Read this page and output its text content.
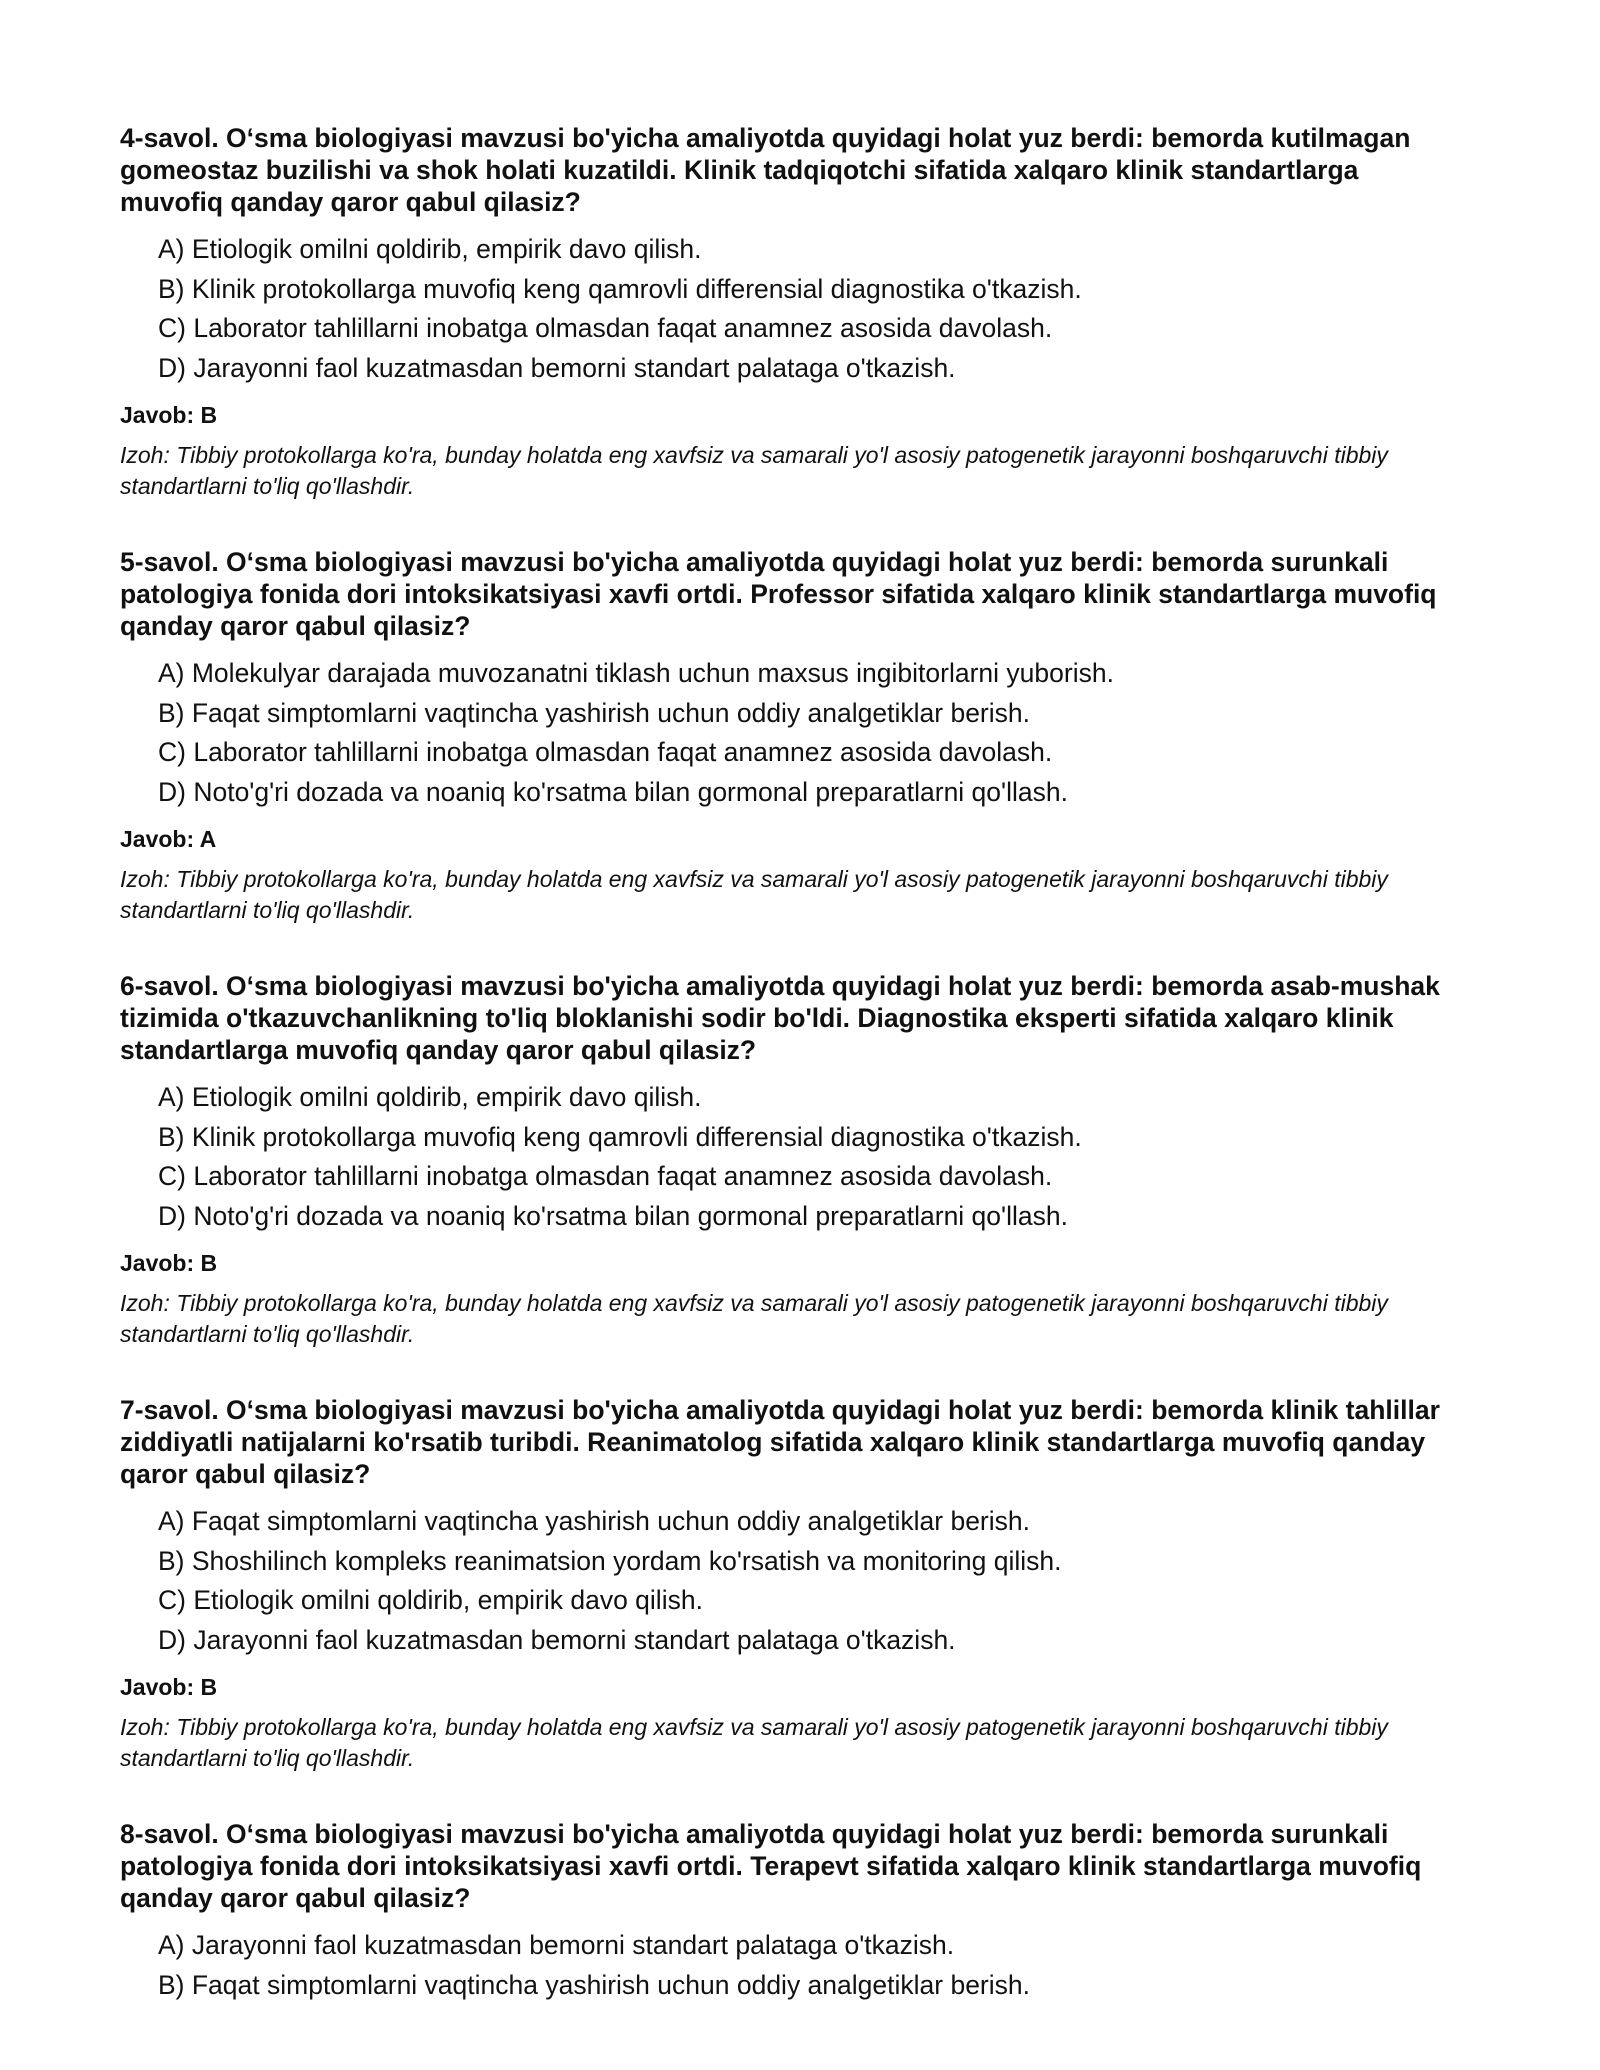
4-savol. O‘sma biologiyasi mavzusi bo'yicha amaliyotda quyidagi holat yuz berdi: bemorda kutilmagan gomeostaz buzilishi va shok holati kuzatildi. Klinik tadqiqotchi sifatida xalqaro klinik standartlarga muvofiq qanday qaror qabul qilasiz?

A) Etiologik omilni qoldirib, empirik davo qilish.
B) Klinik protokollarga muvofiq keng qamrovli differensial diagnostika o'tkazish.
C) Laborator tahlillarni inobatga olmasdan faqat anamnez asosida davolash.
D) Jarayonni faol kuzatmasdan bemorni standart palataga o'tkazish.
Javob: B
Izoh: Tibbiy protokollarga ko'ra, bunday holatda eng xavfsiz va samarali yo'l asosiy patogenetik jarayonni boshqaruvchi tibbiy standartlarni to'liq qo'llashdir.

5-savol. O‘sma biologiyasi mavzusi bo'yicha amaliyotda quyidagi holat yuz berdi: bemorda surunkali patologiya fonida dori intoksikatsiyasi xavfi ortdi. Professor sifatida xalqaro klinik standartlarga muvofiq qanday qaror qabul qilasiz?

A) Molekulyar darajada muvozanatni tiklash uchun maxsus ingibitorlarni yuborish.
B) Faqat simptomlarni vaqtincha yashirish uchun oddiy analgetiklar berish.
C) Laborator tahlillarni inobatga olmasdan faqat anamnez asosida davolash.
D) Noto'g'ri dozada va noaniq ko'rsatma bilan gormonal preparatlarni qo'llash.
Javob: A
Izoh: Tibbiy protokollarga ko'ra, bunday holatda eng xavfsiz va samarali yo'l asosiy patogenetik jarayonni boshqaruvchi tibbiy standartlarni to'liq qo'llashdir.

6-savol. O‘sma biologiyasi mavzusi bo'yicha amaliyotda quyidagi holat yuz berdi: bemorda asab-mushak tizimida o'tkazuvchanlikning to'liq bloklanishi sodir bo'ldi. Diagnostika eksperti sifatida xalqaro klinik standartlarga muvofiq qanday qaror qabul qilasiz?

A) Etiologik omilni qoldirib, empirik davo qilish.
B) Klinik protokollarga muvofiq keng qamrovli differensial diagnostika o'tkazish.
C) Laborator tahlillarni inobatga olmasdan faqat anamnez asosida davolash.
D) Noto'g'ri dozada va noaniq ko'rsatma bilan gormonal preparatlarni qo'llash.
Javob: B
Izoh: Tibbiy protokollarga ko'ra, bunday holatda eng xavfsiz va samarali yo'l asosiy patogenetik jarayonni boshqaruvchi tibbiy standartlarni to'liq qo'llashdir.

7-savol. O‘sma biologiyasi mavzusi bo'yicha amaliyotda quyidagi holat yuz berdi: bemorda klinik tahlillar ziddiyatli natijalarni ko'rsatib turibdi. Reanimatolog sifatida xalqaro klinik standartlarga muvofiq qanday qaror qabul qilasiz?

A) Faqat simptomlarni vaqtincha yashirish uchun oddiy analgetiklar berish.
B) Shoshilinch kompleks reanimatsion yordam ko'rsatish va monitoring qilish.
C) Etiologik omilni qoldirib, empirik davo qilish.
D) Jarayonni faol kuzatmasdan bemorni standart palataga o'tkazish.
Javob: B
Izoh: Tibbiy protokollarga ko'ra, bunday holatda eng xavfsiz va samarali yo'l asosiy patogenetik jarayonni boshqaruvchi tibbiy standartlarni to'liq qo'llashdir.

8-savol. O‘sma biologiyasi mavzusi bo'yicha amaliyotda quyidagi holat yuz berdi: bemorda surunkali patologiya fonida dori intoksikatsiyasi xavfi ortdi. Terapevt sifatida xalqaro klinik standartlarga muvofiq qanday qaror qabul qilasiz?

A) Jarayonni faol kuzatmasdan bemorni standart palataga o'tkazish.
B) Faqat simptomlarni vaqtincha yashirish uchun oddiy analgetiklar berish.
